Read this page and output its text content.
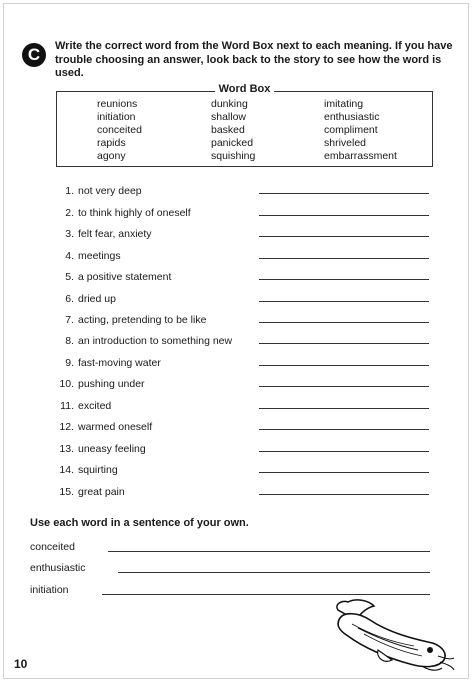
C	Write the correct word from the Word Box next to each meaning. If you have trouble choosing an answer, look back to the story to see how the word is used.
Word Box
reunions
initiation
conceited
rapids
agony
dunking
shallow
basked
panicked
squishing
imitating
enthusiastic
compliment
shriveled
embarrassment
1. not very deep
2. to think highly of oneself
3. felt fear, anxiety
4. meetings
5. a positive statement
6. dried up
7. acting, pretending to be like
8. an introduction to something new
9. fast-moving water
10. pushing under
11. excited
12. warmed oneself
13. uneasy feeling
14. squirting
15. great pain
Use each word in a sentence of your own.
conceited
enthusiastic
initiation
10
